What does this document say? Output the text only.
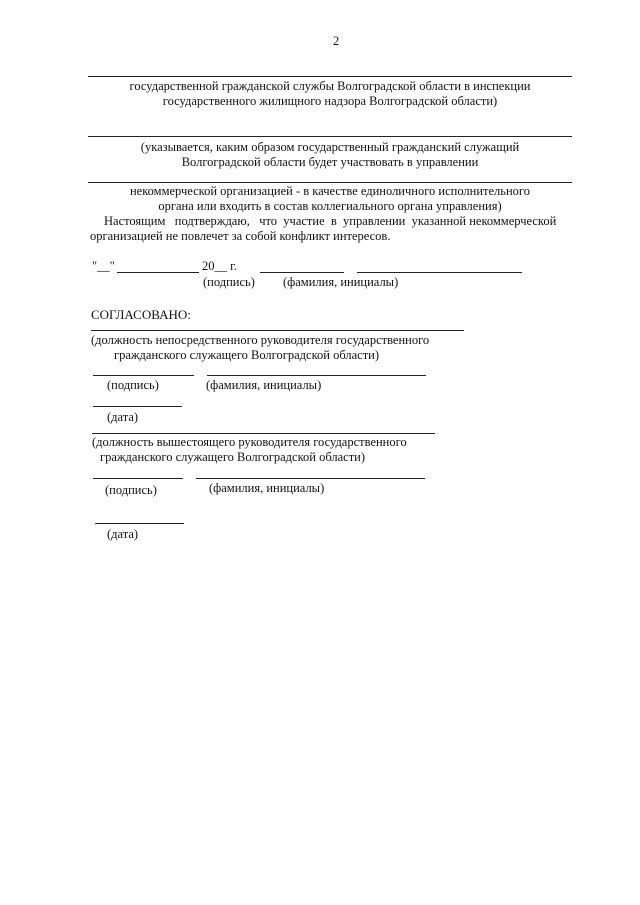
2
государственной гражданской службы Волгоградской области в инспекции
государственного жилищного надзора Волгоградской области)
(указывается, каким образом государственный гражданский служащий
Волгоградской области будет участвовать в управлении
некоммерческой организацией - в качестве единоличного исполнительного
органа или входить в состав коллегиального органа управления)
Настоящим   подтверждаю,   что  участие  в  управлении  указанной некоммерческой
организацией не повлечет за собой конфликт интересов.
"__"	20__ г.
(подпись) (фамилия, инициалы)
СОГЛАСОВАНО:
(должность непосредственного руководителя государственного
гражданского служащего Волгоградской области)
(подпись)	(фамилия, инициалы)
(дата)
(должность вышестоящего руководителя государственного
гражданского служащего Волгоградской области)
(подпись)	(фамилия, инициалы)
(дата)
